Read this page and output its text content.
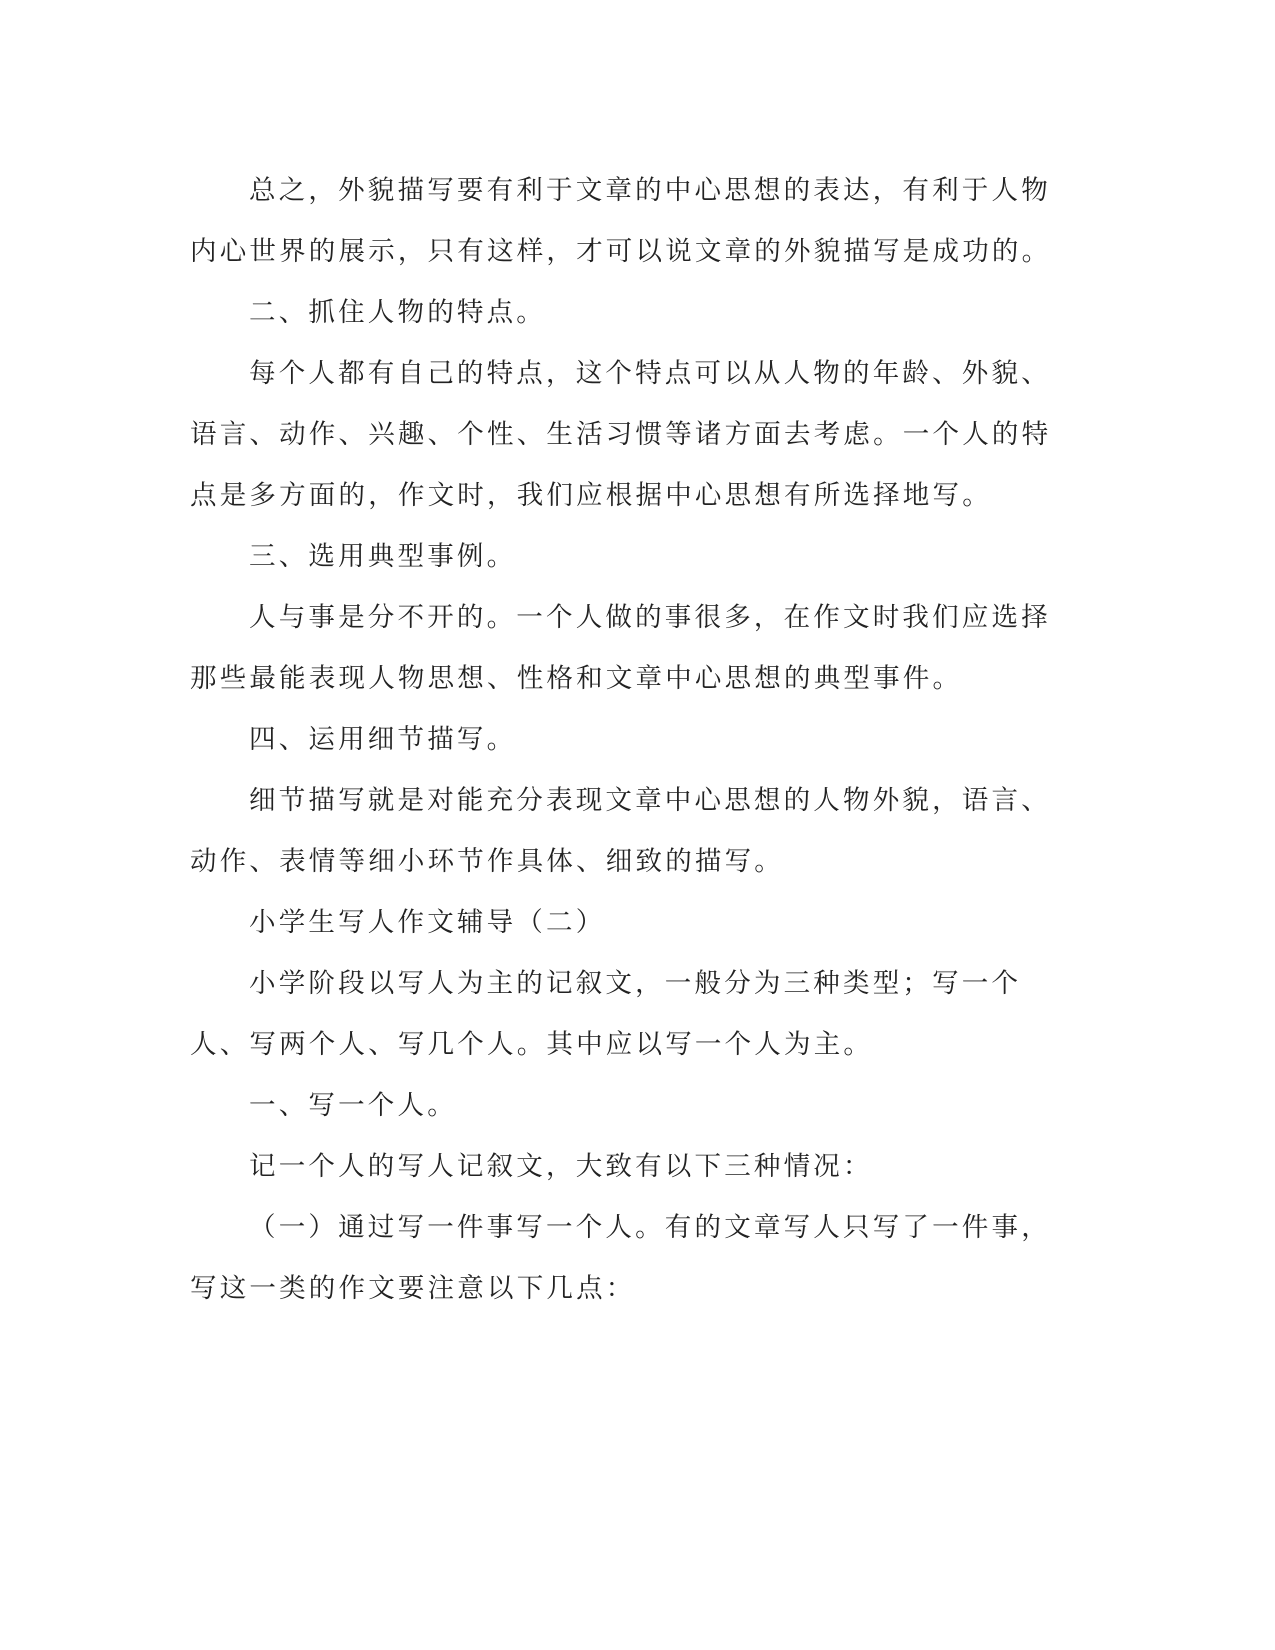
总之，外貌描写要有利于文章的中心思想的表达，有利于人物内心世界的展示，只有这样，才可以说文章的外貌描写是成功的。

二、抓住人物的特点。

每个人都有自己的特点，这个特点可以从人物的年龄、外貌、语言、动作、兴趣、个性、生活习惯等诸方面去考虑。一个人的特点是多方面的，作文时，我们应根据中心思想有所选择地写。

三、选用典型事例。

人与事是分不开的。一个人做的事很多，在作文时我们应选择那些最能表现人物思想、性格和文章中心思想的典型事件。

四、运用细节描写。

细节描写就是对能充分表现文章中心思想的人物外貌，语言、动作、表情等细小环节作具体、细致的描写。

小学生写人作文辅导（二）

小学阶段以写人为主的记叙文，一般分为三种类型；写一个人、写两个人、写几个人。其中应以写一个人为主。

一、写一个人。

记一个人的写人记叙文，大致有以下三种情况：

（一）通过写一件事写一个人。有的文章写人只写了一件事，写这一类的作文要注意以下几点：
